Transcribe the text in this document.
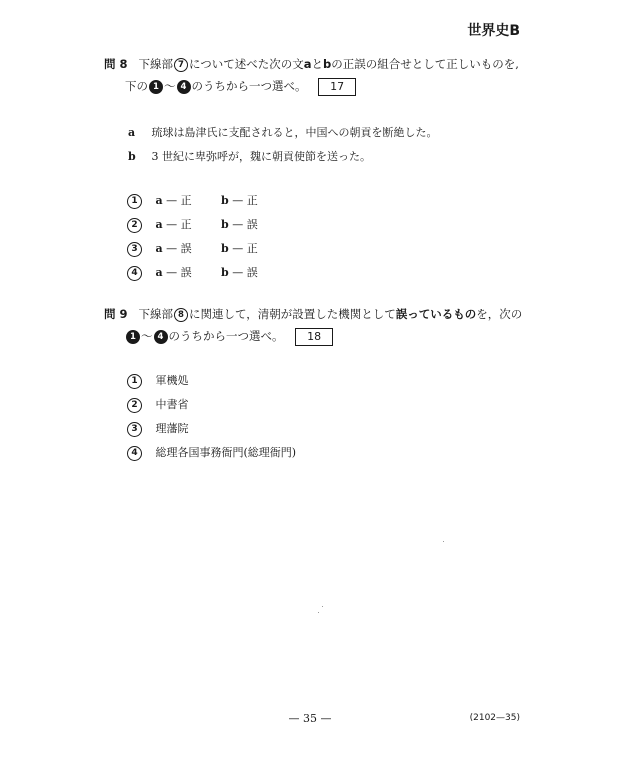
世界史B
問 8 下線部 7 について述べた次の文aとbの正誤の組合せとして正しいものを,
下の 1 〜 4 のうちから一つ選べ。 17
a 琉球は島津氏に支配されると，中国への朝貢を断絶した。
b 3 世紀に卑弥呼が，魏に朝貢使節を送った。
1 a — 正	b — 正
2 a — 正	b — 誤
3 a — 誤	b — 正
4 a — 誤	b — 誤
問 9 下線部 8 に関連して，清朝が設置した機関として誤っているものを，次の
1 〜 4 のうちから一つ選べ。 18
1 軍機処
2 中書省
3 理藩院
4 総理各国事務衙門(総理衙門)
— 35 —	(2102—35)
